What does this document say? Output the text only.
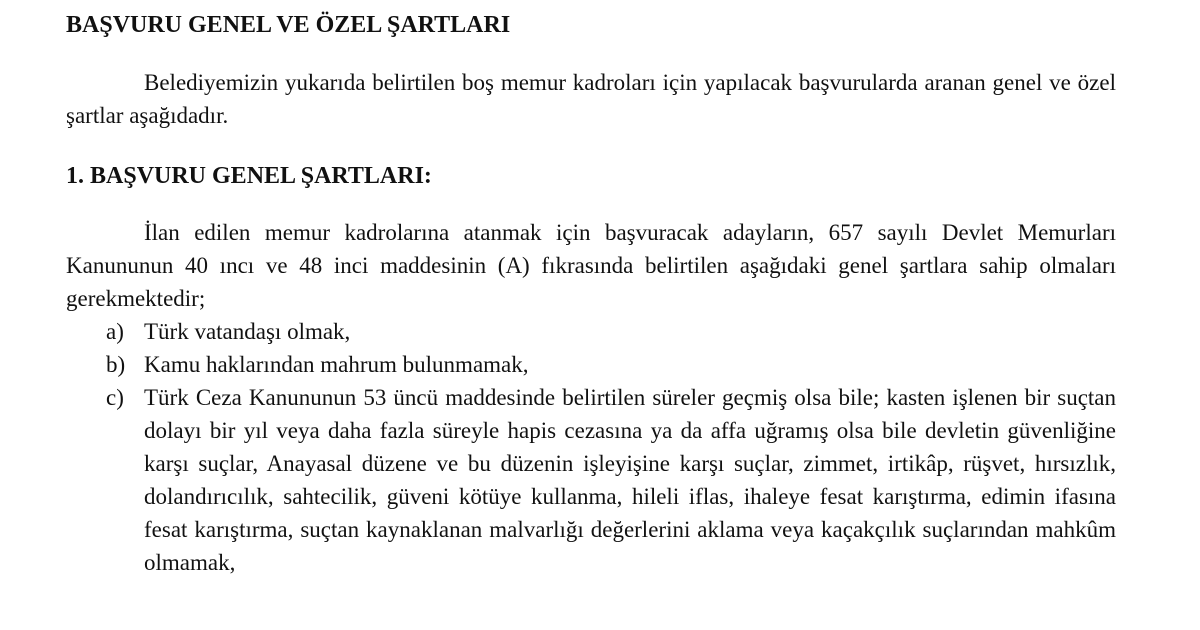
BAŞVURU GENEL VE ÖZEL ŞARTLARI

Belediyemizin yukarıda belirtilen boş memur kadroları için yapılacak başvurularda aranan genel ve özel şartlar aşağıdadır.

1. BAŞVURU GENEL ŞARTLARI:

İlan edilen memur kadrolarına atanmak için başvuracak adayların, 657 sayılı Devlet Memurları Kanununun 40 ıncı ve 48 inci maddesinin (A) fıkrasında belirtilen aşağıdaki genel şartlara sahip olmaları gerekmektedir;

a) Türk vatandaşı olmak,
b) Kamu haklarından mahrum bulunmamak,
c) Türk Ceza Kanununun 53 üncü maddesinde belirtilen süreler geçmiş olsa bile; kasten işlenen bir suçtan dolayı bir yıl veya daha fazla süreyle hapis cezasına ya da affa uğramış olsa bile devletin güvenliğine karşı suçlar, Anayasal düzene ve bu düzenin işleyişine karşı suçlar, zimmet, irtikâp, rüşvet, hırsızlık, dolandırıcılık, sahtecilik, güveni kötüye kullanma, hileli iflas, ihaleye fesat karıştırma, edimin ifasına fesat karıştırma, suçtan kaynaklanan malvarlığı değerlerini aklama veya kaçakçılık suçlarından mahkûm olmamak,
